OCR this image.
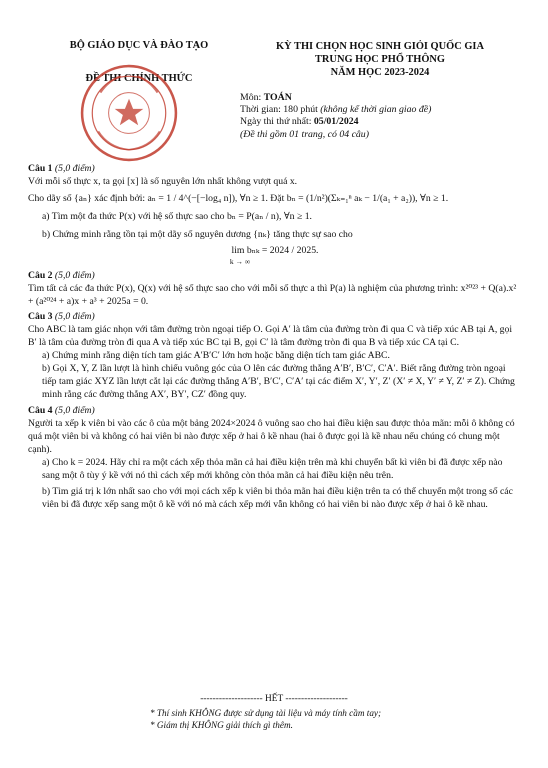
BỘ GIÁO DỤC VÀ ĐÀO TẠO
ĐỀ THI CHÍNH THỨC
KỲ THI CHỌN HỌC SINH GIỎI QUỐC GIA
TRUNG HỌC PHỔ THÔNG
NĂM HỌC 2023-2024
Môn: TOÁN
Thời gian: 180 phút (không kể thời gian giao đề)
Ngày thi thứ nhất: 05/01/2024
(Đề thi gồm 01 trang, có 04 câu)

Câu 1 (5,0 điểm)

Với mỗi số thực x, ta gọi [x] là số nguyên lớn nhất không vượt quá x.

Cho dãy số {aₙ} xác định bởi: aₙ = 1 / 4^(−[−log₄ n]), ∀n ≥ 1. Đặt bₙ = (1/n²)(Σₖ₌₁ⁿ aₖ − 1/(a₁ + a₂)), ∀n ≥ 1.

a) Tìm một đa thức P(x) với hệ số thực sao cho bₙ = P(aₙ / n), ∀n ≥ 1.

b) Chứng minh rằng tồn tại một dãy số nguyên dương {nₖ} tăng thực sự sao cho

lim bₙₖ = 2024 / 2025.
k → ∞

Câu 2 (5,0 điểm)

Tìm tất cả các đa thức P(x), Q(x) với hệ số thực sao cho với mỗi số thực a thì P(a) là nghiệm của phương trình: x²⁰²³ + Q(a).x² + (a²⁰²⁴ + a)x + a³ + 2025a = 0.

Câu 3 (5,0 điểm)

Cho ABC là tam giác nhọn với tâm đường tròn ngoại tiếp O. Gọi A′ là tâm của đường tròn đi qua C và tiếp xúc AB tại A, gọi B′ là tâm của đường tròn đi qua A và tiếp xúc BC tại B, gọi C′ là tâm đường tròn đi qua B và tiếp xúc CA tại C.

a) Chứng minh rằng diện tích tam giác A′B′C′ lớn hơn hoặc bằng diện tích tam giác ABC.

b) Gọi X, Y, Z lần lượt là hình chiếu vuông góc của O lên các đường thẳng A′B′, B′C′, C′A′. Biết rằng đường tròn ngoại tiếp tam giác XYZ lần lượt cắt lại các đường thẳng A′B′, B′C′, C′A′ tại các điểm X′, Y′, Z′ (X′ ≠ X, Y′ ≠ Y, Z′ ≠ Z). Chứng minh rằng các đường thẳng AX′, BY′, CZ′ đồng quy.

Câu 4 (5,0 điểm)

Người ta xếp k viên bi vào các ô của một bảng 2024×2024 ô vuông sao cho hai điều kiện sau được thỏa mãn: mỗi ô không có quá một viên bi và không có hai viên bi nào được xếp ở hai ô kề nhau (hai ô được gọi là kề nhau nếu chúng có chung một cạnh).

a) Cho k = 2024. Hãy chỉ ra một cách xếp thỏa mãn cả hai điều kiện trên mà khi chuyển bất kì viên bi đã được xếp nào sang một ô tùy ý kề với nó thì cách xếp mới không còn thỏa mãn cả hai điều kiện nêu trên.

b) Tìm giá trị k lớn nhất sao cho với mọi cách xếp k viên bi thỏa mãn hai điều kiện trên ta có thể chuyển một trong số các viên bi đã được xếp sang một ô kề với nó mà cách xếp mới vẫn không có hai viên bi nào được xếp ở hai ô kề nhau.

-------------------- HẾT --------------------
* Thí sinh KHÔNG được sử dụng tài liệu và máy tính cầm tay;
* Giám thị KHÔNG giải thích gì thêm.
